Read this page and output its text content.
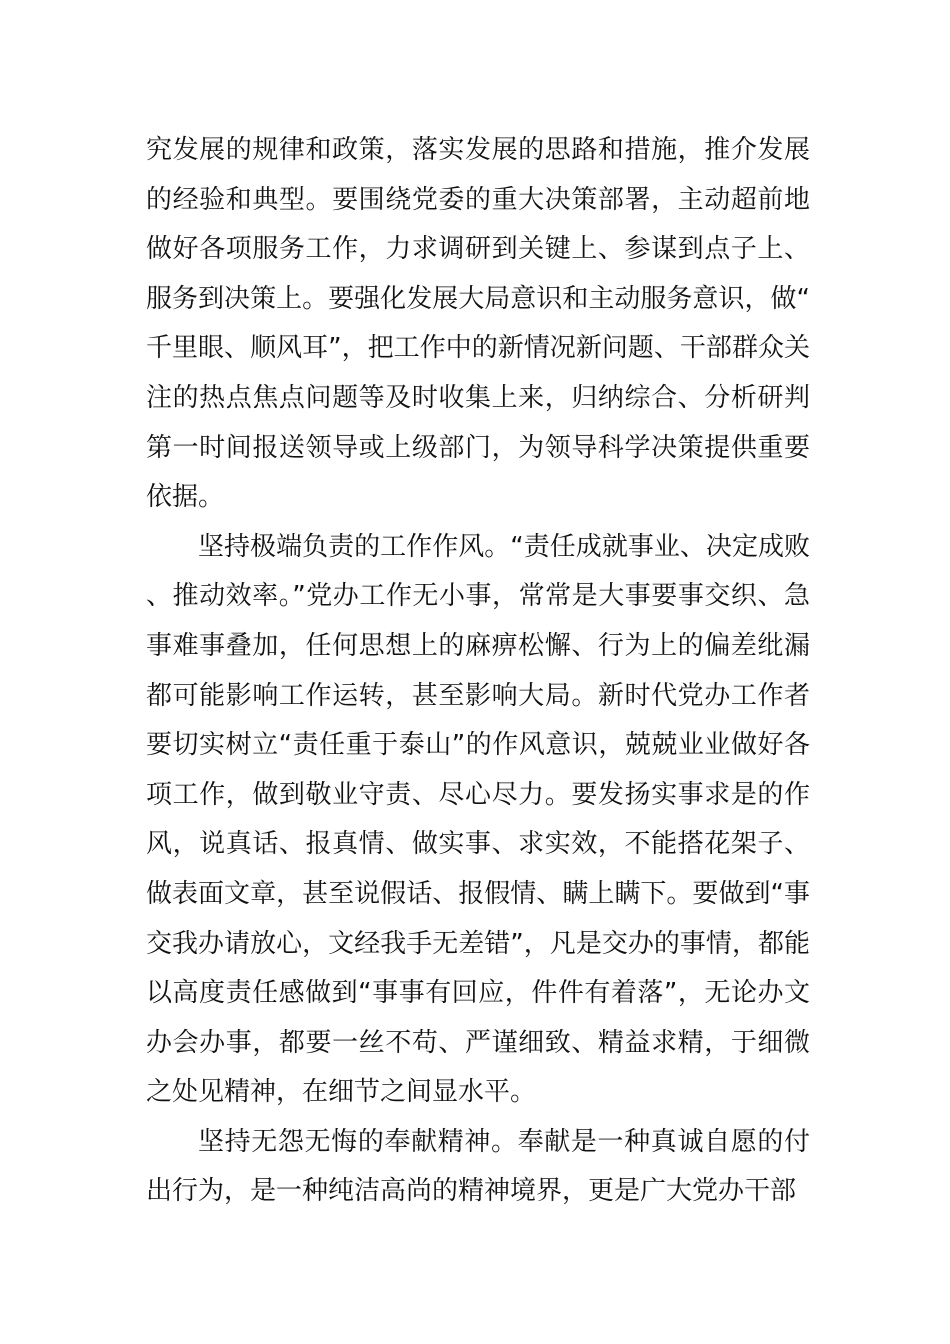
究发展的规律和政策，落实发展的思路和措施，推介发展的经验和典型。要围绕党委的重大决策部署，主动超前地做好各项服务工作，力求调研到关键上、参谋到点子上、服务到决策上。要强化发展大局意识和主动服务意识，做“千里眼、顺风耳”，把工作中的新情况新问题、干部群众关注的热点焦点问题等及时收集上来，归纳综合、分析研判第一时间报送领导或上级部门，为领导科学决策提供重要依据。

坚持极端负责的工作作风。“责任成就事业、决定成败、推动效率。”党办工作无小事，常常是大事要事交织、急事难事叠加，任何思想上的麻痹松懈、行为上的偏差纰漏都可能影响工作运转，甚至影响大局。新时代党办工作者要切实树立“责任重于泰山”的作风意识，兢兢业业做好各项工作，做到敬业守责、尽心尽力。要发扬实事求是的作风，说真话、报真情、做实事、求实效，不能搭花架子、做表面文章，甚至说假话、报假情、瞒上瞒下。要做到“事交我办请放心，文经我手无差错”，凡是交办的事情，都能以高度责任感做到“事事有回应，件件有着落”，无论办文办会办事，都要一丝不苟、严谨细致、精益求精，于细微之处见精神，在细节之间显水平。

坚持无怨无悔的奉献精神。奉献是一种真诚自愿的付出行为，是一种纯洁高尚的精神境界，更是广大党办干部
